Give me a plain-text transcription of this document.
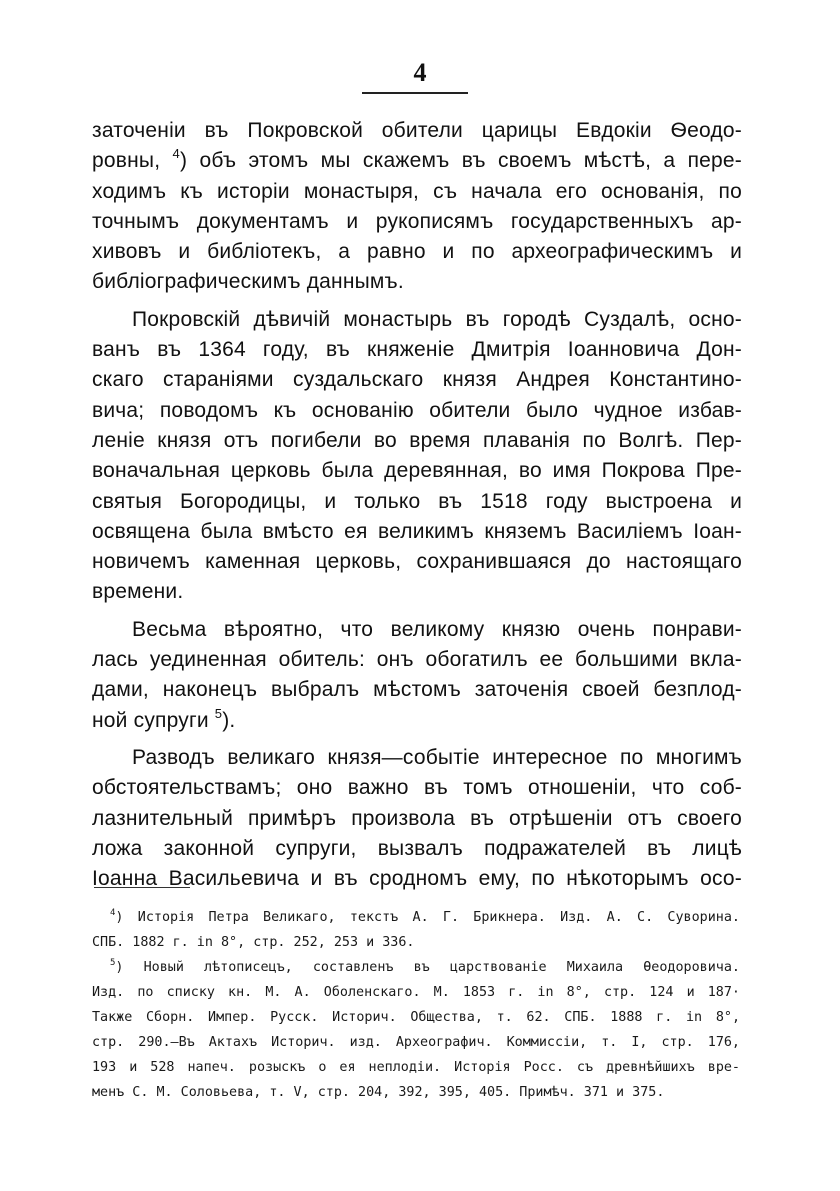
4
заточеніи въ Покровской обители царицы Евдокіи Ѳеодо-
ровны, $^4$) объ этомъ мы скажемъ въ своемъ мѣстѣ, а пере-
ходимъ къ исторіи монастыря, съ начала его основанія, по
точнымъ документамъ и рукописямъ государственныхъ ар-
хивовъ и библіотекъ, а равно и по археографическимъ и
библіографическимъ даннымъ.
Покровскій дѣвичій монастырь въ городѣ Суздалѣ, осно-
ванъ въ 1364 году, въ княженіе Дмитрія Іоанновича Дон-
скаго стараніями суздальскаго князя Андрея Константино-
вича; поводомъ къ основанію обители было чудное избав-
леніе князя отъ погибели во время плаванія по Волгѣ. Пер-
воначальная церковь была деревянная, во имя Покрова Пре-
святыя Богородицы, и только въ 1518 году выстроена и
освящена была вмѣсто ея великимъ княземъ Василіемъ Іоан-
новичемъ каменная церковь, сохранившаяся до настоящаго
времени.
Весьма вѣроятно, что великому князю очень понрави-
лась уединенная обитель: онъ обогатилъ ее большими вкла-
дами, наконецъ выбралъ мѣстомъ заточенія своей безплод-
ной супруги $^5$).
Разводъ великаго князя—событіе интересное по многимъ
обстоятельствамъ; оно важно въ томъ отношеніи, что соб-
лазнительный примѣръ произвола въ отрѣшеніи отъ своего
ложа законной супруги, вызвалъ подражателей въ лицѣ
Іоанна Васильевича и въ сродномъ ему, по нѣкоторымъ осо-
$^4$) Исторія Петра Великаго, текстъ А. Г. Брикнера. Изд. А. С. Суворина.
СПБ. 1882 г. in 8°, стр. 252, 253 и 336.
$^5$) Новый лѣтописецъ, составленъ въ царствованіе Михаила Ѳеодоровича.
Изд. по списку кн. М. А. Оболенскаго. М. 1853 г. in 8°, стр. 124 и 187·
Также Сборн. Импер. Русск. Историч. Общества, т. 62. СПБ. 1888 г. in 8°,
стр. 290.—Въ Актахъ Историч. изд. Археографич. Коммиссіи, т. I, стр. 176,
193 и 528 напеч. розыскъ о ея неплодіи. Исторія Росс. съ древнѣйшихъ вре-
менъ С. М. Соловьева, т. V, стр. 204, 392, 395, 405. Примѣч. 371 и 375.
